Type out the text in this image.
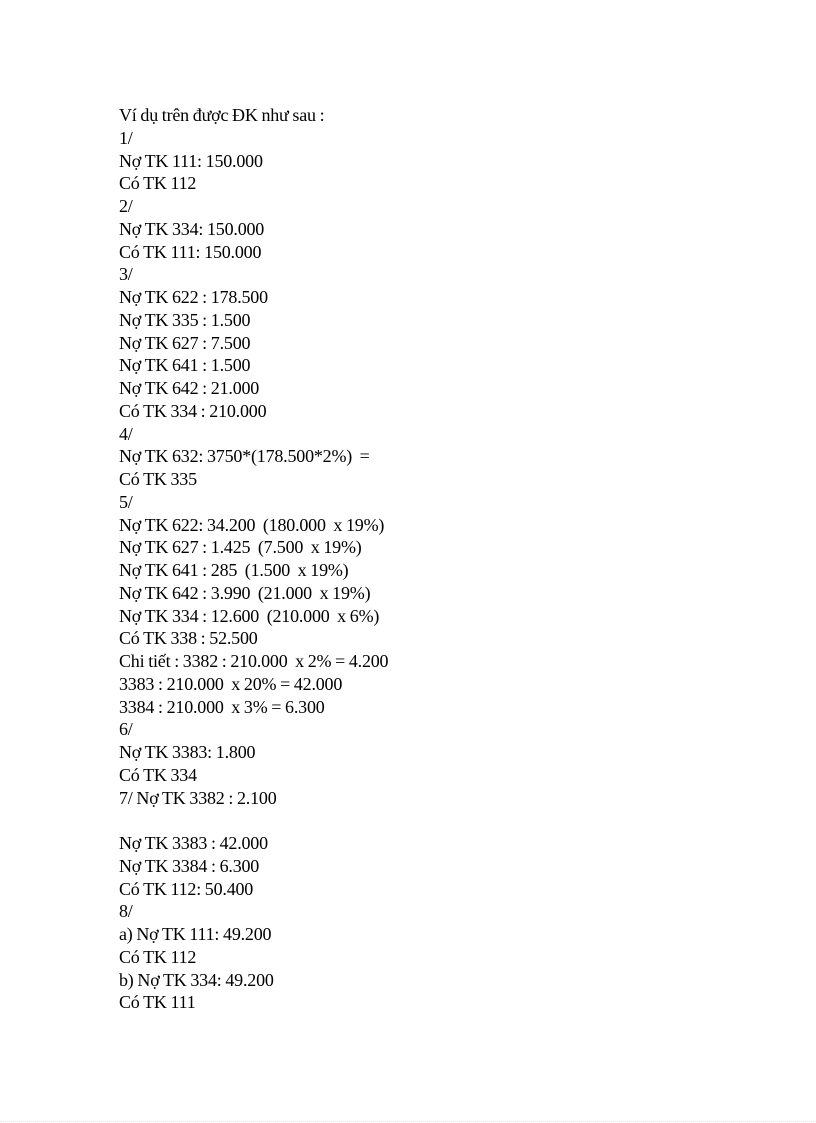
Ví dụ trên được ĐK như sau :
1/
Nợ TK 111: 150.000
Có TK 112
2/
Nợ TK 334: 150.000
Có TK 111: 150.000
3/
Nợ TK 622 : 178.500
Nợ TK 335 : 1.500
Nợ TK 627 : 7.500
Nợ TK 641 : 1.500
Nợ TK 642 : 21.000
Có TK 334 : 210.000
4/
Nợ TK 632: 3750*(178.500*2%)  =
Có TK 335
5/
Nợ TK 622: 34.200  (180.000  x 19%)
Nợ TK 627 : 1.425  (7.500  x 19%)
Nợ TK 641 : 285  (1.500  x 19%)
Nợ TK 642 : 3.990  (21.000  x 19%)
Nợ TK 334 : 12.600  (210.000  x 6%)
Có TK 338 : 52.500
Chi tiết : 3382 : 210.000  x 2% = 4.200
3383 : 210.000  x 20% = 42.000
3384 : 210.000  x 3% = 6.300
6/
Nợ TK 3383: 1.800
Có TK 334
7/ Nợ TK 3382 : 2.100
Nợ TK 3383 : 42.000
Nợ TK 3384 : 6.300
Có TK 112: 50.400
8/
a) Nợ TK 111: 49.200
Có TK 112
b) Nợ TK 334: 49.200
Có TK 111
